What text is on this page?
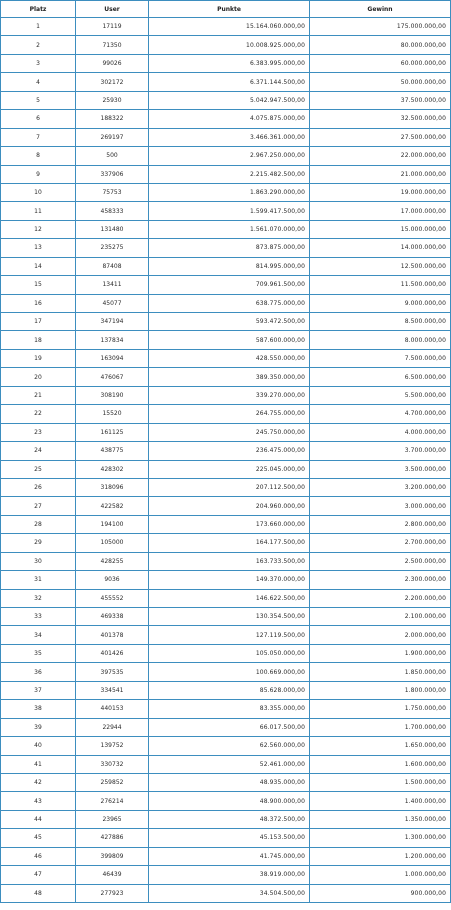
Platz	User	Punkte	Gewinn
1	17119	15.164.060.000,00	175.000.000,00
2	71350	10.008.925.000,00	80.000.000,00
3	99026	6.383.995.000,00	60.000.000,00
4	302172	6.371.144.500,00	50.000.000,00
5	25930	5.042.947.500,00	37.500.000,00
6	188322	4.075.875.000,00	32.500.000,00
7	269197	3.466.361.000,00	27.500.000,00
8	500	2.967.250.000,00	22.000.000,00
9	337906	2.215.482.500,00	21.000.000,00
10	75753	1.863.290.000,00	19.000.000,00
11	458333	1.599.417.500,00	17.000.000,00
12	131480	1.561.070.000,00	15.000.000,00
13	235275	873.875.000,00	14.000.000,00
14	87408	814.995.000,00	12.500.000,00
15	13411	709.961.500,00	11.500.000,00
16	45077	638.775.000,00	9.000.000,00
17	347194	593.472.500,00	8.500.000,00
18	137834	587.600.000,00	8.000.000,00
19	163094	428.550.000,00	7.500.000,00
20	476067	389.350.000,00	6.500.000,00
21	308190	339.270.000,00	5.500.000,00
22	15520	264.755.000,00	4.700.000,00
23	161125	245.750.000,00	4.000.000,00
24	438775	236.475.000,00	3.700.000,00
25	428302	225.045.000,00	3.500.000,00
26	318096	207.112.500,00	3.200.000,00
27	422582	204.960.000,00	3.000.000,00
28	194100	173.660.000,00	2.800.000,00
29	105000	164.177.500,00	2.700.000,00
30	428255	163.733.500,00	2.500.000,00
31	9036	149.370.000,00	2.300.000,00
32	455552	146.622.500,00	2.200.000,00
33	469338	130.354.500,00	2.100.000,00
34	401378	127.119.500,00	2.000.000,00
35	401426	105.050.000,00	1.900.000,00
36	397535	100.669.000,00	1.850.000,00
37	334541	85.628.000,00	1.800.000,00
38	440153	83.355.000,00	1.750.000,00
39	22944	66.017.500,00	1.700.000,00
40	139752	62.560.000,00	1.650.000,00
41	330732	52.461.000,00	1.600.000,00
42	259852	48.935.000,00	1.500.000,00
43	276214	48.900.000,00	1.400.000,00
44	23965	48.372.500,00	1.350.000,00
45	427886	45.153.500,00	1.300.000,00
46	399809	41.745.000,00	1.200.000,00
47	46439	38.919.000,00	1.000.000,00
48	277923	34.504.500,00	900.000,00
